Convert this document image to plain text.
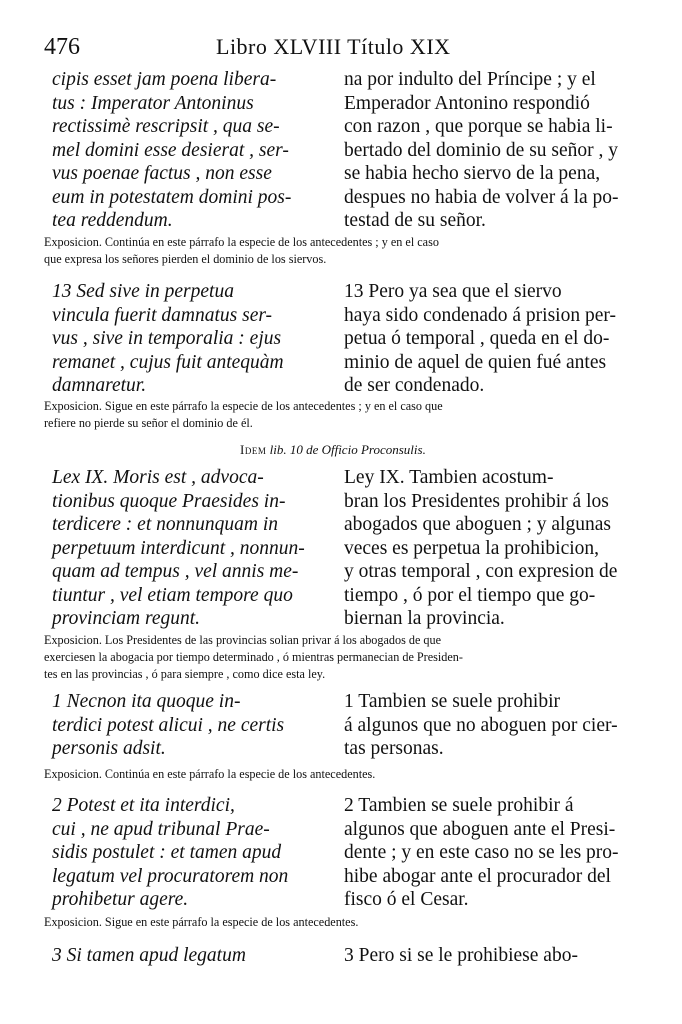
476	Libro XLVIII Título XIX
cipis esset jam poena libera-
tus : Imperator Antoninus
rectissimè rescripsit , qua se-
mel domini esse desierat , ser-
vus poenae factus , non esse
eum in potestatem domini pos-
tea reddendum.
na por indulto del Príncipe ; y el
Emperador Antonino respondió
con razon , que porque se habia li-
bertado del dominio de su señor , y
se habia hecho siervo de la pena,
despues no habia de volver á la po-
testad de su señor.
Exposicion. Continúa en este párrafo la especie de los antecedentes ; y en el caso
que expresa los señores pierden el dominio de los siervos.
13 Sed sive in perpetua
vincula fuerit damnatus ser-
vus , sive in temporalia : ejus
remanet , cujus fuit antequàm
damnaretur.
13 Pero ya sea que el siervo
haya sido condenado á prision per-
petua ó temporal , queda en el do-
minio de aquel de quien fué antes
de ser condenado.
Exposicion. Sigue en este párrafo la especie de los antecedentes ; y en el caso que
refiere no pierde su señor el dominio de él.
Idem lib. 10 de Officio Proconsulis.
Lex IX. Moris est , advoca-
tionibus quoque Praesides in-
terdicere : et nonnunquam in
perpetuum interdicunt , nonnun-
quam ad tempus , vel annis me-
tiuntur , vel etiam tempore quo
provinciam regunt.
Ley IX. Tambien acostum-
bran los Presidentes prohibir á los
abogados que aboguen ; y algunas
veces es perpetua la prohibicion,
y otras temporal , con expresion de
tiempo , ó por el tiempo que go-
biernan la provincia.
Exposicion. Los Presidentes de las provincias solian privar á los abogados de que
exerciesen la abogacia por tiempo determinado , ó mientras permanecian de Presiden-
tes en las provincias , ó para siempre , como dice esta ley.
1 Necnon ita quoque in-
terdici potest alicui , ne certis
personis adsit.
1 Tambien se suele prohibir
á algunos que no aboguen por cier-
tas personas.
Exposicion. Continúa en este párrafo la especie de los antecedentes.
2 Potest et ita interdici,
cui , ne apud tribunal Prae-
sidis postulet : et tamen apud
legatum vel procuratorem non
prohibetur agere.
2 Tambien se suele prohibir á
algunos que aboguen ante el Presi-
dente ; y en este caso no se les pro-
hibe abogar ante el procurador del
fisco ó el Cesar.
Exposicion. Sigue en este párrafo la especie de los antecedentes.
3 Si tamen apud legatum	3 Pero si se le prohibiese abo-
